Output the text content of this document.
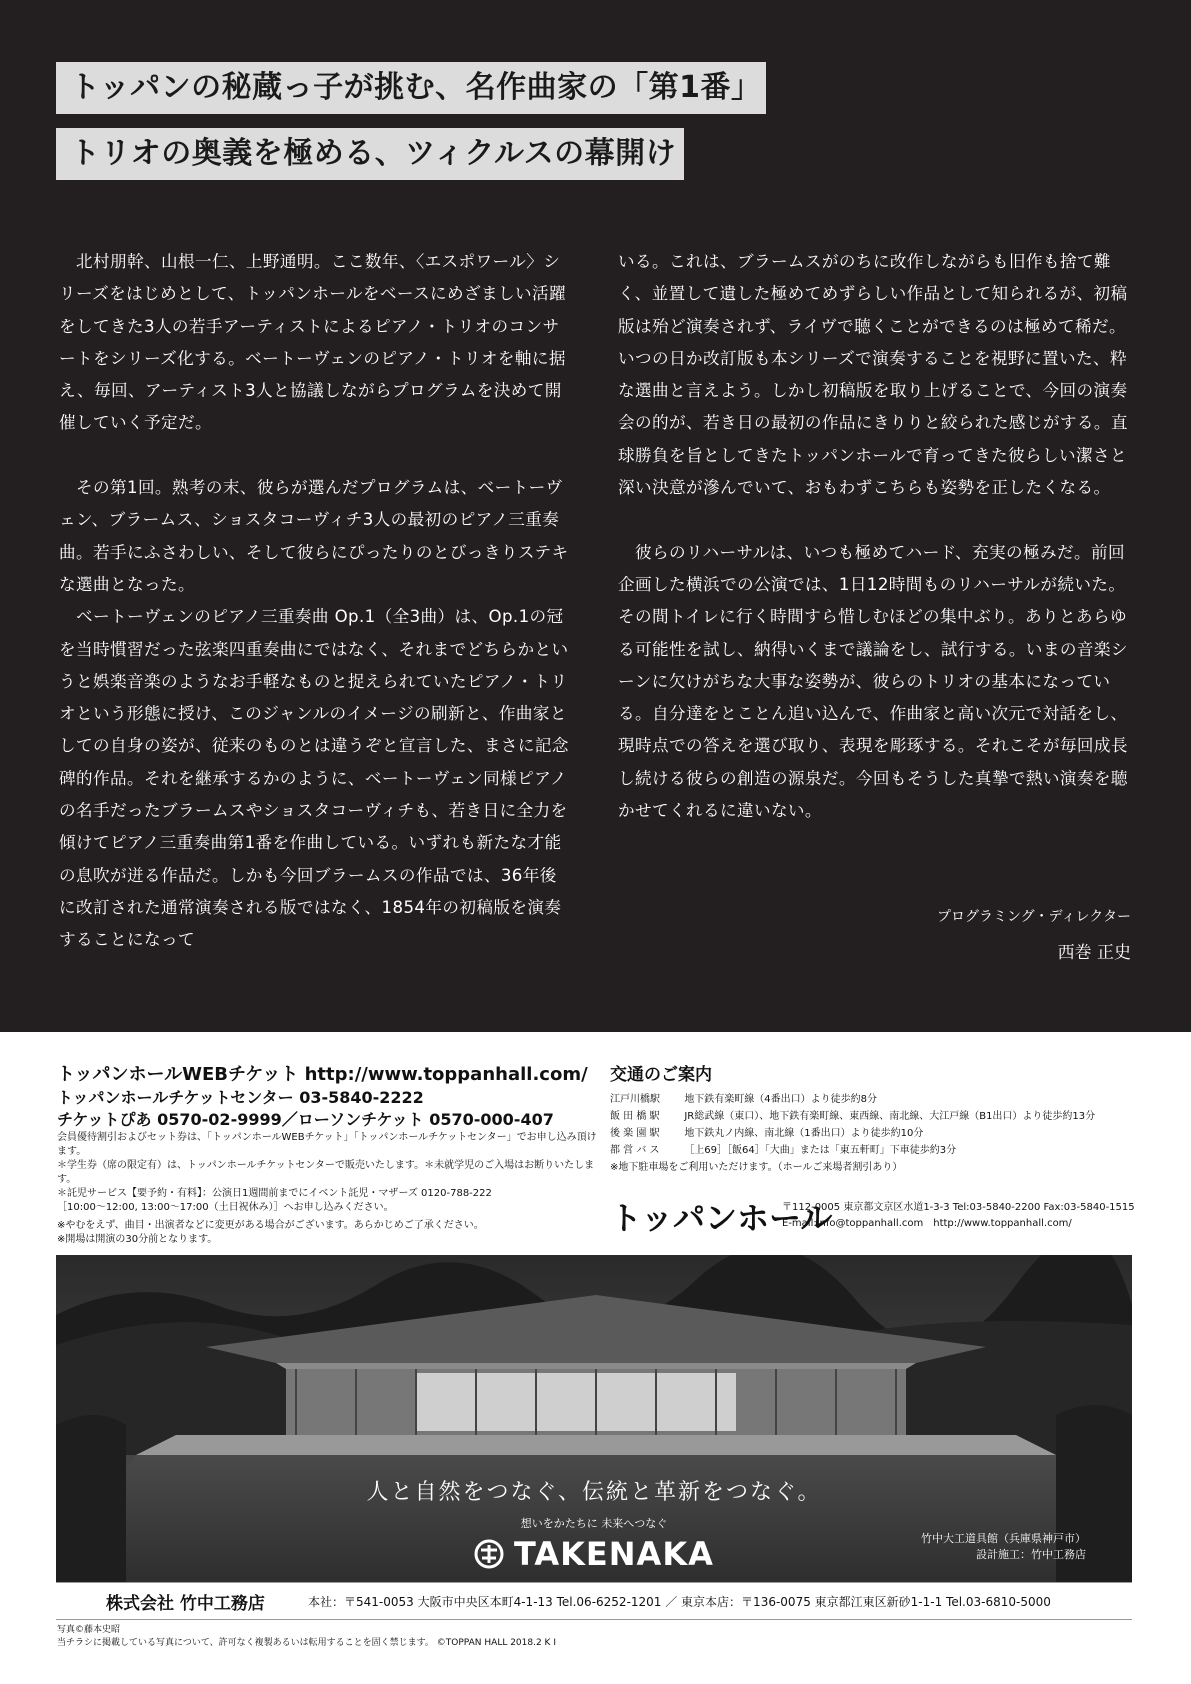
トッパンの秘蔵っ子が挑む、名作曲家の「第1番」
トリオの奥義を極める、ツィクルスの幕開け

　北村朋幹、山根一仁、上野通明。ここ数年、〈エスポワール〉シリーズをはじめとして、トッパンホールをベースにめざましい活躍をしてきた3人の若手アーティストによるピアノ・トリオのコンサートをシリーズ化する。ベートーヴェンのピアノ・トリオを軸に据え、毎回、アーティスト3人と協議しながらプログラムを決めて開催していく予定だ。

　その第1回。熟考の末、彼らが選んだプログラムは、ベートーヴェン、ブラームス、ショスタコーヴィチ3人の最初のピアノ三重奏曲。若手にふさわしい、そして彼らにぴったりのとびっきりステキな選曲となった。

　ベートーヴェンのピアノ三重奏曲 Op.1（全3曲）は、Op.1の冠を当時慣習だった弦楽四重奏曲にではなく、それまでどちらかというと娯楽音楽のようなお手軽なものと捉えられていたピアノ・トリオという形態に授け、このジャンルのイメージの刷新と、作曲家としての自身の姿が、従来のものとは違うぞと宣言した、まさに記念碑的作品。それを継承するかのように、ベートーヴェン同様ピアノの名手だったブラームスやショスタコーヴィチも、若き日に全力を傾けてピアノ三重奏曲第1番を作曲している。いずれも新たな才能の息吹が迸る作品だ。しかも今回ブラームスの作品では、36年後に改訂された通常演奏される版ではなく、1854年の初稿版を演奏することになって

いる。これは、ブラームスがのちに改作しながらも旧作も捨て難く、並置して遺した極めてめずらしい作品として知られるが、初稿版は殆ど演奏されず、ライヴで聴くことができるのは極めて稀だ。いつの日か改訂版も本シリーズで演奏することを視野に置いた、粋な選曲と言えよう。しかし初稿版を取り上げることで、今回の演奏会の的が、若き日の最初の作品にきりりと絞られた感じがする。直球勝負を旨としてきたトッパンホールで育ってきた彼らしい潔さと深い決意が滲んでいて、おもわずこちらも姿勢を正したくなる。

　彼らのリハーサルは、いつも極めてハード、充実の極みだ。前回企画した横浜での公演では、1日12時間ものリハーサルが続いた。その間トイレに行く時間すら惜しむほどの集中ぶり。ありとあらゆる可能性を試し、納得いくまで議論をし、試行する。いまの音楽シーンに欠けがちな大事な姿勢が、彼らのトリオの基本になっている。自分達をとことん追い込んで、作曲家と高い次元で対話をし、現時点での答えを選び取り、表現を彫琢する。それこそが毎回成長し続ける彼らの創造の源泉だ。今回もそうした真摯で熱い演奏を聴かせてくれるに違いない。

プログラミング・ディレクター
西巻 正史
トッパンホールWEBチケット http://www.toppanhall.com/
トッパンホールチケットセンター 03-5840-2222
チケットぴあ 0570-02-9999／ローソンチケット 0570-000-407
会員優待割引およびセット券は、「トッパンホールWEBチケット」「トッパンホールチケットセンター」でお申し込み頂けます。
＊学生券（席の限定有）は、トッパンホールチケットセンターで販売いたします。＊未就学児のご入場はお断りいたします。
＊託児サービス【要予約・有料】：公演日1週間前までにイベント託児・マザーズ 0120-788-222
［10:00〜12:00, 13:00〜17:00（土日祝休み）］へお申し込みください。
※やむをえず、曲目・出演者などに変更がある場合がございます。あらかじめご了承ください。
※開場は開演の30分前となります。
交通のご案内
江戸川橋駅	地下鉄有楽町線（4番出口）より徒歩約8分
飯 田 橋 駅	JR総武線（東口）、地下鉄有楽町線、東西線、南北線、大江戸線（B1出口）より徒歩約13分
後 楽 園 駅	地下鉄丸ノ内線、南北線（1番出口）より徒歩約10分
都 営 バ ス	［上69］［飯64］「大曲」または「東五軒町」下車徒歩約3分
※地下駐車場をご利用いただけます。（ホールご来場者割引あり）
トッパンホール
〒112-0005 東京都文京区水道1-3-3 Tel:03-5840-2200 Fax:03-5840-1515
E-mail:info@toppanhall.com　http://www.toppanhall.com/
人と自然をつなぐ、伝統と革新をつなぐ。
想いをかたちに 未来へつなぐ
TAKENAKA	竹中大工道具館（兵庫県神戸市）
設計施工：竹中工務店
株式会社 竹中工務店	本社：〒541-0053 大阪市中央区本町4-1-13 Tel.06-6252-1201 ／ 東京本店：〒136-0075 東京都江東区新砂1-1-1 Tel.03-6810-5000
写真©藤本史昭
当チラシに掲載している写真について、許可なく複製あるいは転用することを固く禁じます。 ©TOPPAN HALL 2018.2 K I
